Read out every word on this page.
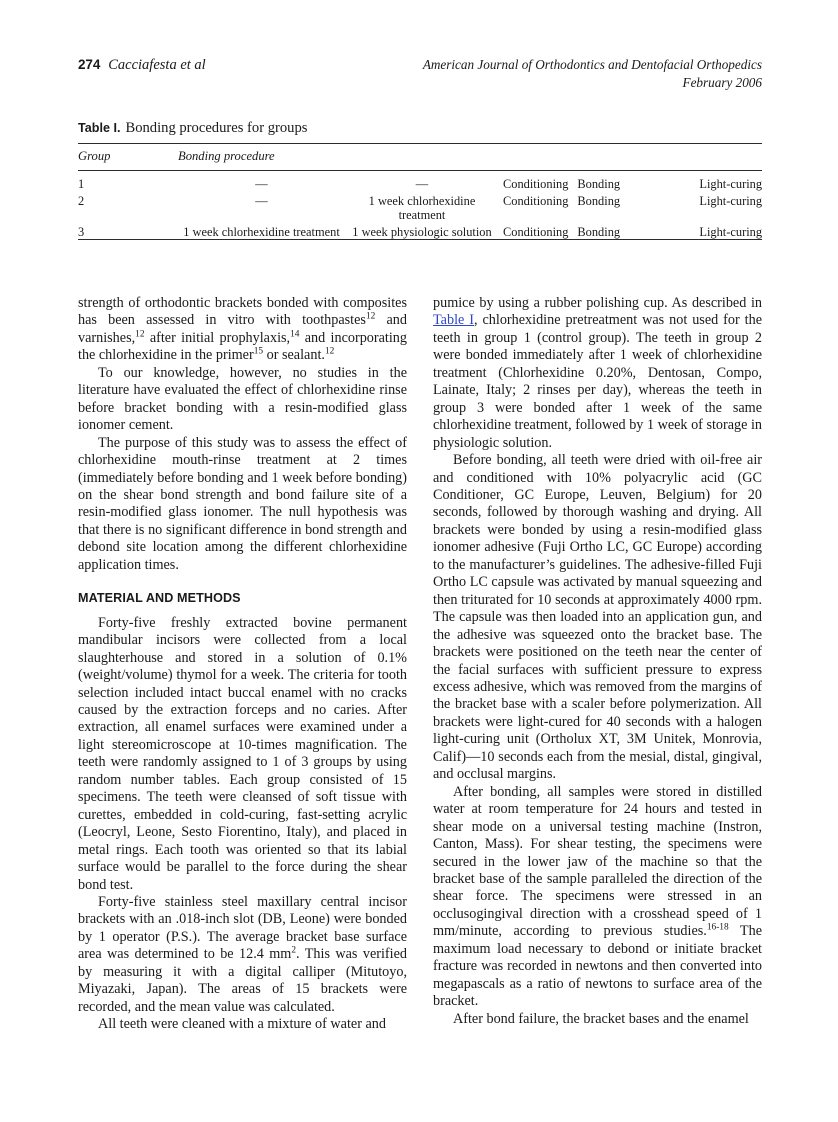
274 Cacciafesta et al	American Journal of Orthodontics and Dentofacial Orthopedics
February 2006
Table I. Bonding procedures for groups
Group	Bonding procedure			
1	—	—	Conditioning Bonding	Light-curing
2	—	1 week chlorhexidine treatment	Conditioning Bonding	Light-curing
3	1 week chlorhexidine treatment	1 week physiologic solution	Conditioning Bonding	Light-curing

strength of orthodontic brackets bonded with composites has been assessed in vitro with toothpastes$^{12}$ and varnishes,$^{12}$ after initial prophylaxis,$^{14}$ and incorporating the chlorhexidine in the primer$^{15}$ or sealant.$^{12}$

To our knowledge, however, no studies in the literature have evaluated the effect of chlorhexidine rinse before bracket bonding with a resin-modified glass ionomer cement.

The purpose of this study was to assess the effect of chlorhexidine mouth-rinse treatment at 2 times (immediately before bonding and 1 week before bonding) on the shear bond strength and bond failure site of a resin-modified glass ionomer. The null hypothesis was that there is no significant difference in bond strength and debond site location among the different chlorhexidine application times.

MATERIAL AND METHODS

Forty-five freshly extracted bovine permanent mandibular incisors were collected from a local slaughterhouse and stored in a solution of 0.1% (weight/volume) thymol for a week. The criteria for tooth selection included intact buccal enamel with no cracks caused by the extraction forceps and no caries. After extraction, all enamel surfaces were examined under a light stereomicroscope at 10-times magnification. The teeth were randomly assigned to 1 of 3 groups by using random number tables. Each group consisted of 15 specimens. The teeth were cleansed of soft tissue with curettes, embedded in cold-curing, fast-setting acrylic (Leocryl, Leone, Sesto Fiorentino, Italy), and placed in metal rings. Each tooth was oriented so that its labial surface would be parallel to the force during the shear bond test.

Forty-five stainless steel maxillary central incisor brackets with an .018-inch slot (DB, Leone) were bonded by 1 operator (P.S.). The average bracket base surface area was determined to be 12.4 $mm^2$. This was verified by measuring it with a digital calliper (Mitutoyo, Miyazaki, Japan). The areas of 15 brackets were recorded, and the mean value was calculated.

All teeth were cleaned with a mixture of water and

pumice by using a rubber polishing cup. As described in Table I, chlorhexidine pretreatment was not used for the teeth in group 1 (control group). The teeth in group 2 were bonded immediately after 1 week of chlorhexidine treatment (Chlorhexidine 0.20%, Dentosan, Compo, Lainate, Italy; 2 rinses per day), whereas the teeth in group 3 were bonded after 1 week of the same chlorhexidine treatment, followed by 1 week of storage in physiologic solution.

Before bonding, all teeth were dried with oil-free air and conditioned with 10% polyacrylic acid (GC Conditioner, GC Europe, Leuven, Belgium) for 20 seconds, followed by thorough washing and drying. All brackets were bonded by using a resin-modified glass ionomer adhesive (Fuji Ortho LC, GC Europe) according to the manufacturer’s guidelines. The adhesive-filled Fuji Ortho LC capsule was activated by manual squeezing and then triturated for 10 seconds at approximately 4000 rpm. The capsule was then loaded into an application gun, and the adhesive was squeezed onto the bracket base. The brackets were positioned on the teeth near the center of the facial surfaces with sufficient pressure to express excess adhesive, which was removed from the margins of the bracket base with a scaler before polymerization. All brackets were light-cured for 40 seconds with a halogen light-curing unit (Ortholux XT, 3M Unitek, Monrovia, Calif)—10 seconds each from the mesial, distal, gingival, and occlusal margins.

After bonding, all samples were stored in distilled water at room temperature for 24 hours and tested in shear mode on a universal testing machine (Instron, Canton, Mass). For shear testing, the specimens were secured in the lower jaw of the machine so that the bracket base of the sample paralleled the direction of the shear force. The specimens were stressed in an occlusogingival direction with a crosshead speed of 1 mm/minute, according to previous studies.$^{16-18}$ The maximum load necessary to debond or initiate bracket fracture was recorded in newtons and then converted into megapascals as a ratio of newtons to surface area of the bracket.

After bond failure, the bracket bases and the enamel
